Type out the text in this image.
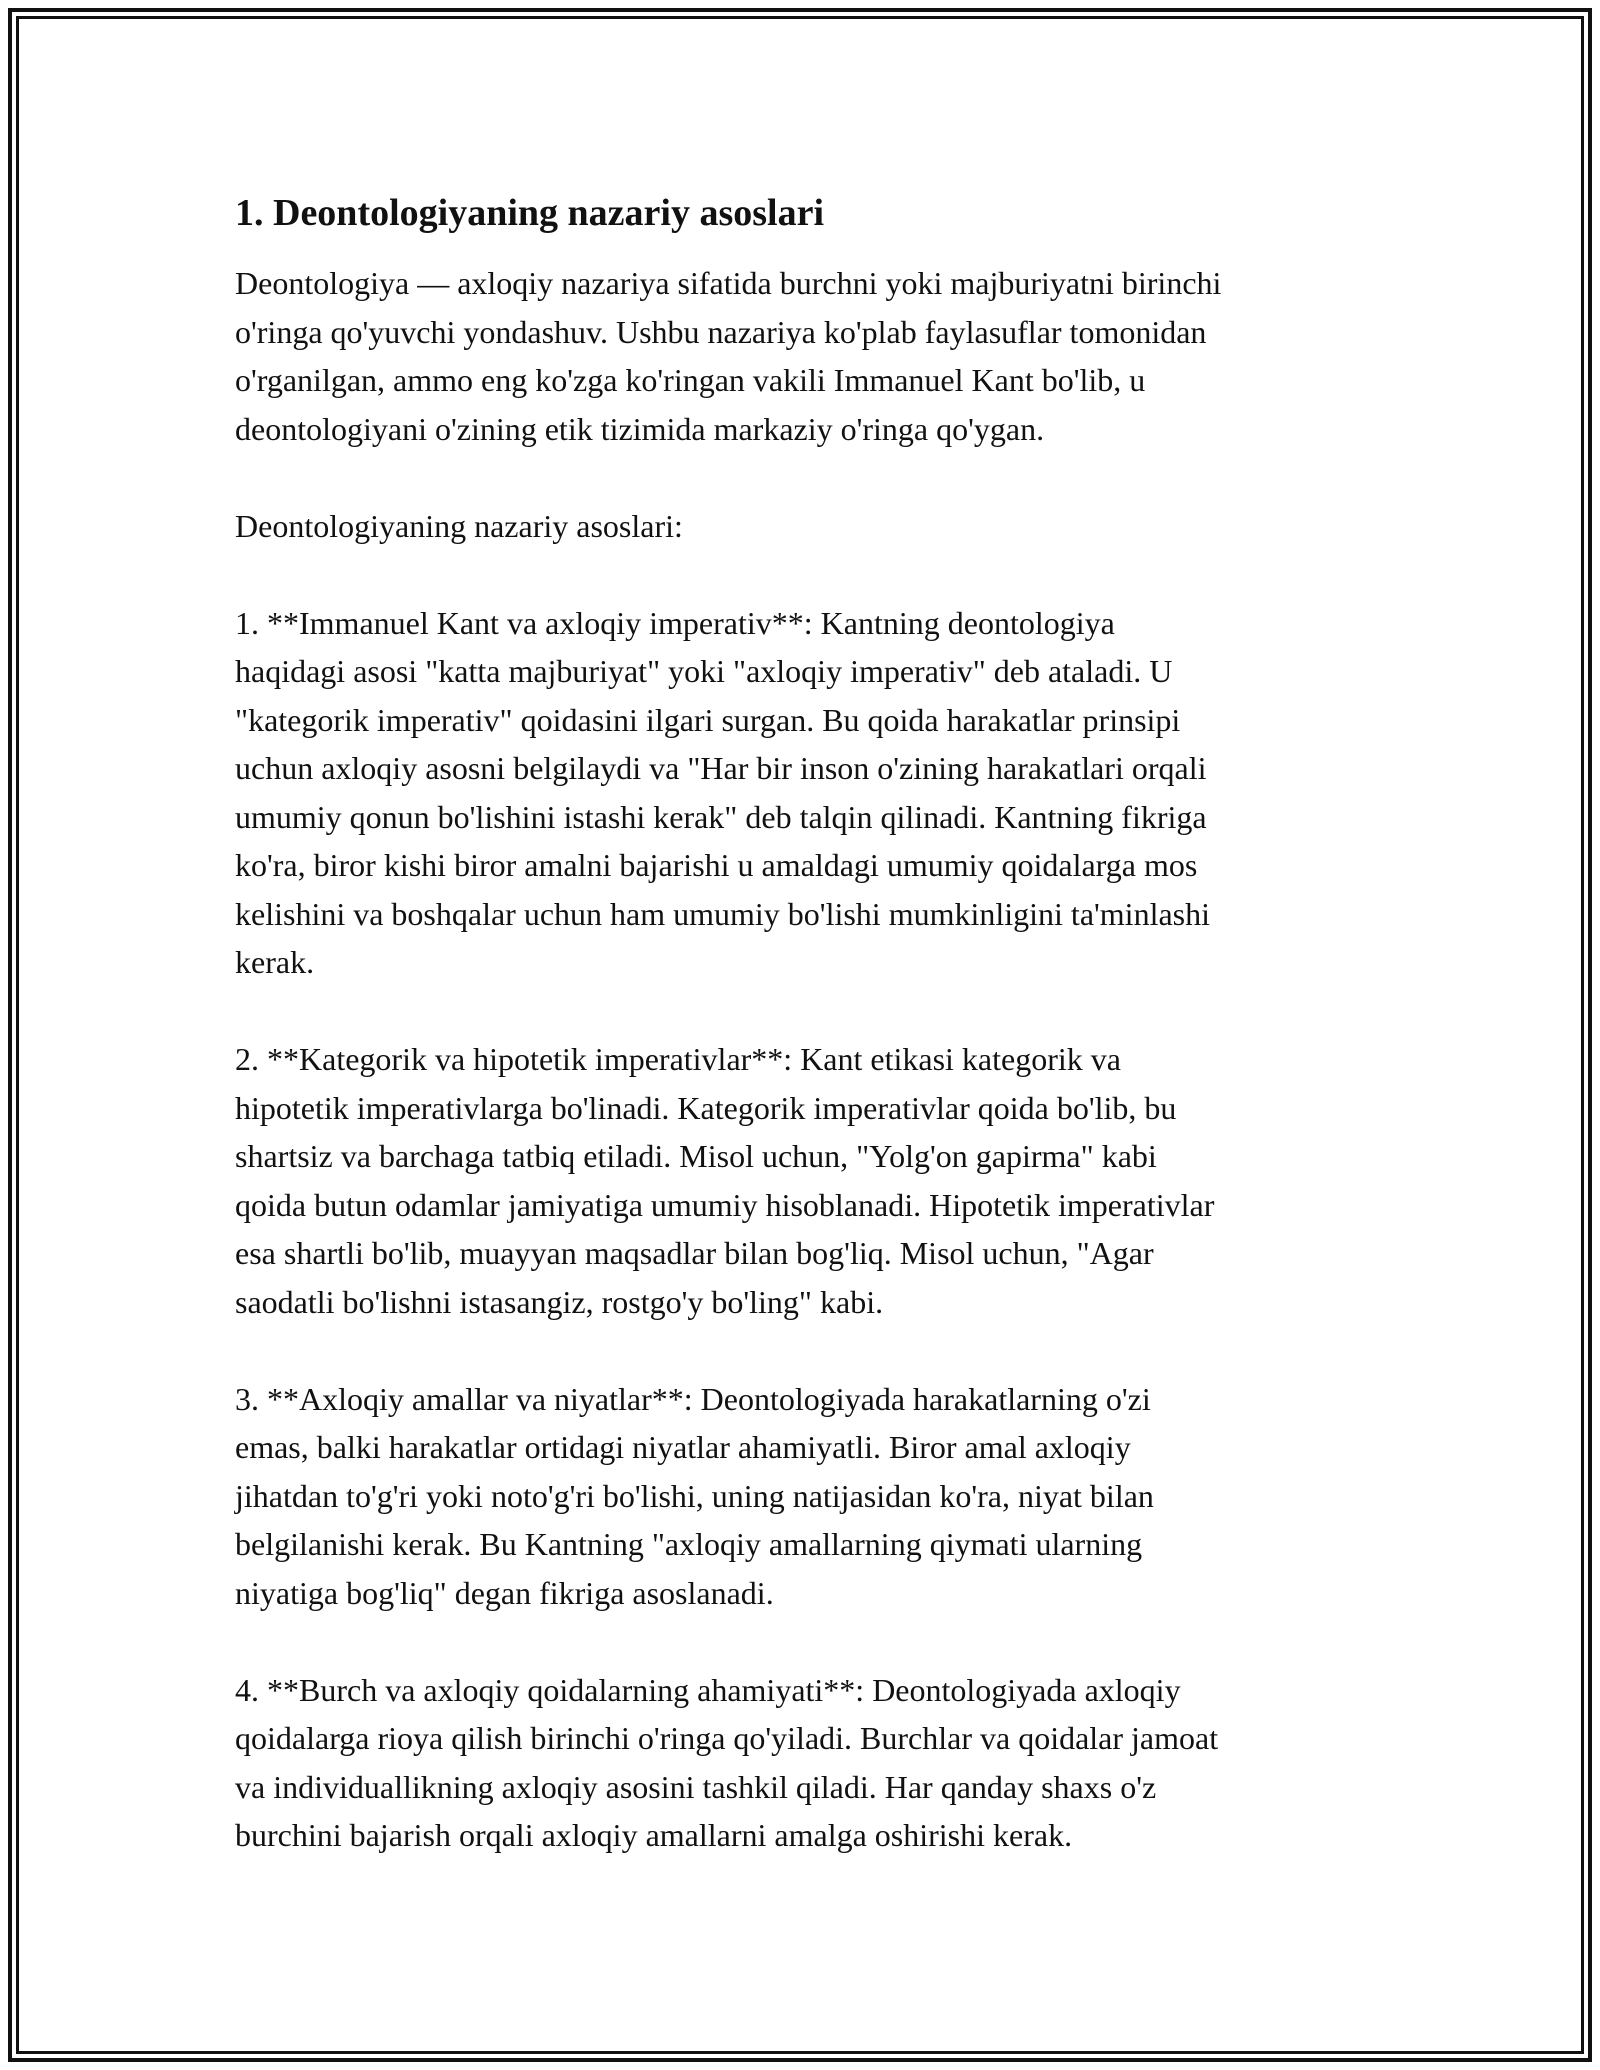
1. Deontologiyaning nazariy asoslari
Deontologiya — axloqiy nazariya sifatida burchni yoki majburiyatni birinchi
o'ringa qo'yuvchi yondashuv. Ushbu nazariya ko'plab faylasuflar tomonidan
o'rganilgan, ammo eng ko'zga ko'ringan vakili Immanuel Kant bo'lib, u
deontologiyani o'zining etik tizimida markaziy o'ringa qo'ygan.
Deontologiyaning nazariy asoslari:
1. **Immanuel Kant va axloqiy imperativ**: Kantning deontologiya
haqidagi asosi "katta majburiyat" yoki "axloqiy imperativ" deb ataladi. U
"kategorik imperativ" qoidasini ilgari surgan. Bu qoida harakatlar prinsipi
uchun axloqiy asosni belgilaydi va "Har bir inson o'zining harakatlari orqali
umumiy qonun bo'lishini istashi kerak" deb talqin qilinadi. Kantning fikriga
ko'ra, biror kishi biror amalni bajarishi u amaldagi umumiy qoidalarga mos
kelishini va boshqalar uchun ham umumiy bo'lishi mumkinligini ta'minlashi
kerak.
2. **Kategorik va hipotetik imperativlar**: Kant etikasi kategorik va
hipotetik imperativlarga bo'linadi. Kategorik imperativlar qoida bo'lib, bu
shartsiz va barchaga tatbiq etiladi. Misol uchun, "Yolg'on gapirma" kabi
qoida butun odamlar jamiyatiga umumiy hisoblanadi. Hipotetik imperativlar
esa shartli bo'lib, muayyan maqsadlar bilan bog'liq. Misol uchun, "Agar
saodatli bo'lishni istasangiz, rostgo'y bo'ling" kabi.
3. **Axloqiy amallar va niyatlar**: Deontologiyada harakatlarning o'zi
emas, balki harakatlar ortidagi niyatlar ahamiyatli. Biror amal axloqiy
jihatdan to'g'ri yoki noto'g'ri bo'lishi, uning natijasidan ko'ra, niyat bilan
belgilanishi kerak. Bu Kantning "axloqiy amallarning qiymati ularning
niyatiga bog'liq" degan fikriga asoslanadi.
4. **Burch va axloqiy qoidalarning ahamiyati**: Deontologiyada axloqiy
qoidalarga rioya qilish birinchi o'ringa qo'yiladi. Burchlar va qoidalar jamoat
va individuallikning axloqiy asosini tashkil qiladi. Har qanday shaxs o'z
burchini bajarish orqali axloqiy amallarni amalga oshirishi kerak.
